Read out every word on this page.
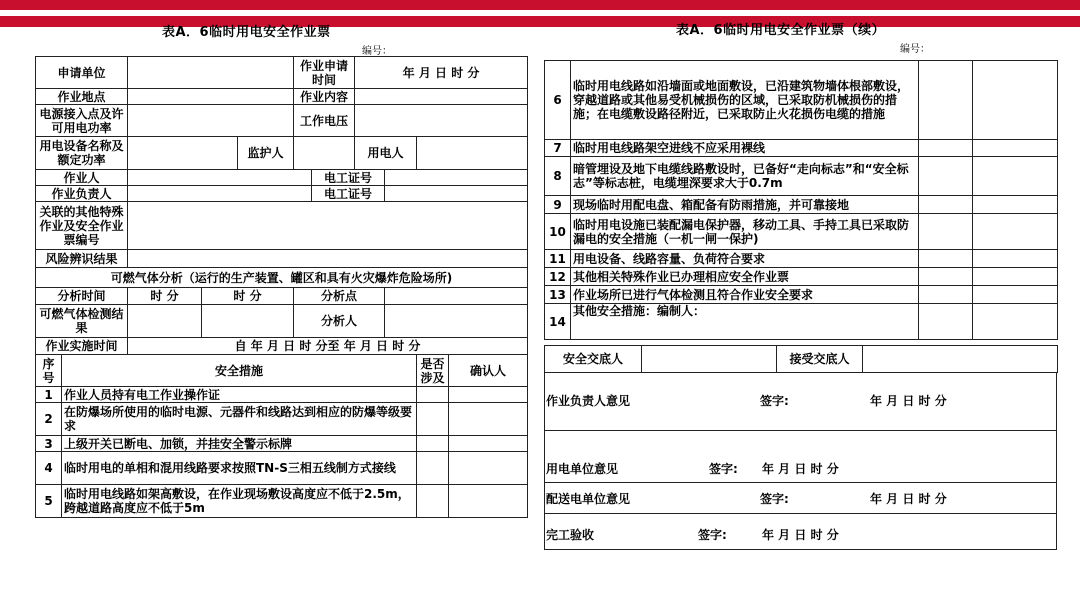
表A．6临时用电安全作业票
编号：
申请单位					作业申请时间		年 月 日 时 分			
作业地点					作业内容					
电源接入点及许可用电功率					工作电压					
用电设备名称及额定功率				监护人			用电人			
作业人						电工证号				
作业负责人						电工证号				
关联的其他特殊作业及安全作业票编号										
风险辨识结果										
可燃气体分析（运行的生产装置、罐区和具有火灾爆炸危险场所)										
分析时间		时 分	时 分		分析点					
可燃气体检测结果					分析人					
作业实施时间		自 年 月 日 时 分至 年 月 日 时 分								
序号	安全措施								是否涉及	确认人
1	作业人员持有电工作业操作证									
2	在防爆场所使用的临时电源、元器件和线路达到相应的防爆等级要求									
3	上级开关已断电、加锁，并挂安全警示标牌									
4	临时用电的单相和混用线路要求按照TN-S三相五线制方式接线									
5	临时用电线路如架高敷设，在作业现场敷设高度应不低于2.5m，跨越道路高度应不低于5m									
表A．6临时用电安全作业票（续）
编号：
6	临时用电线路如沿墙面或地面敷设，已沿建筑物墙体根部敷设，穿越道路或其他易受机械损伤的区域，已采取防机械损伤的措施；在电缆敷设路径附近，已采取防止火花损伤电缆的措施		
7	临时用电线路架空进线不应采用裸线		
8	暗管埋设及地下电缆线路敷设时，已备好“走向标志”和“安全标志”等标志桩，电缆埋深要求大于0.7m		
9	现场临时用配电盘、箱配备有防雨措施，并可靠接地		
10	临时用电设施已装配漏电保护器，移动工具、手持工具已采取防漏电的安全措施（一机一闸一保护)		
11	用电设备、线路容量、负荷符合要求		
12	其他相关特殊作业已办理相应安全作业票		
13	作业场所已进行气体检测且符合作业安全要求		
14	其他安全措施：编制人：		
安全交底人		接受交底人	
作业负责人意见	签字:	年 月 日 时 分

用电单位意见	签字: 年 月 日 时 分

配送电单位意见	签字:	年 月 日 时 分

完工验收	签字:	年 月 日 时 分
